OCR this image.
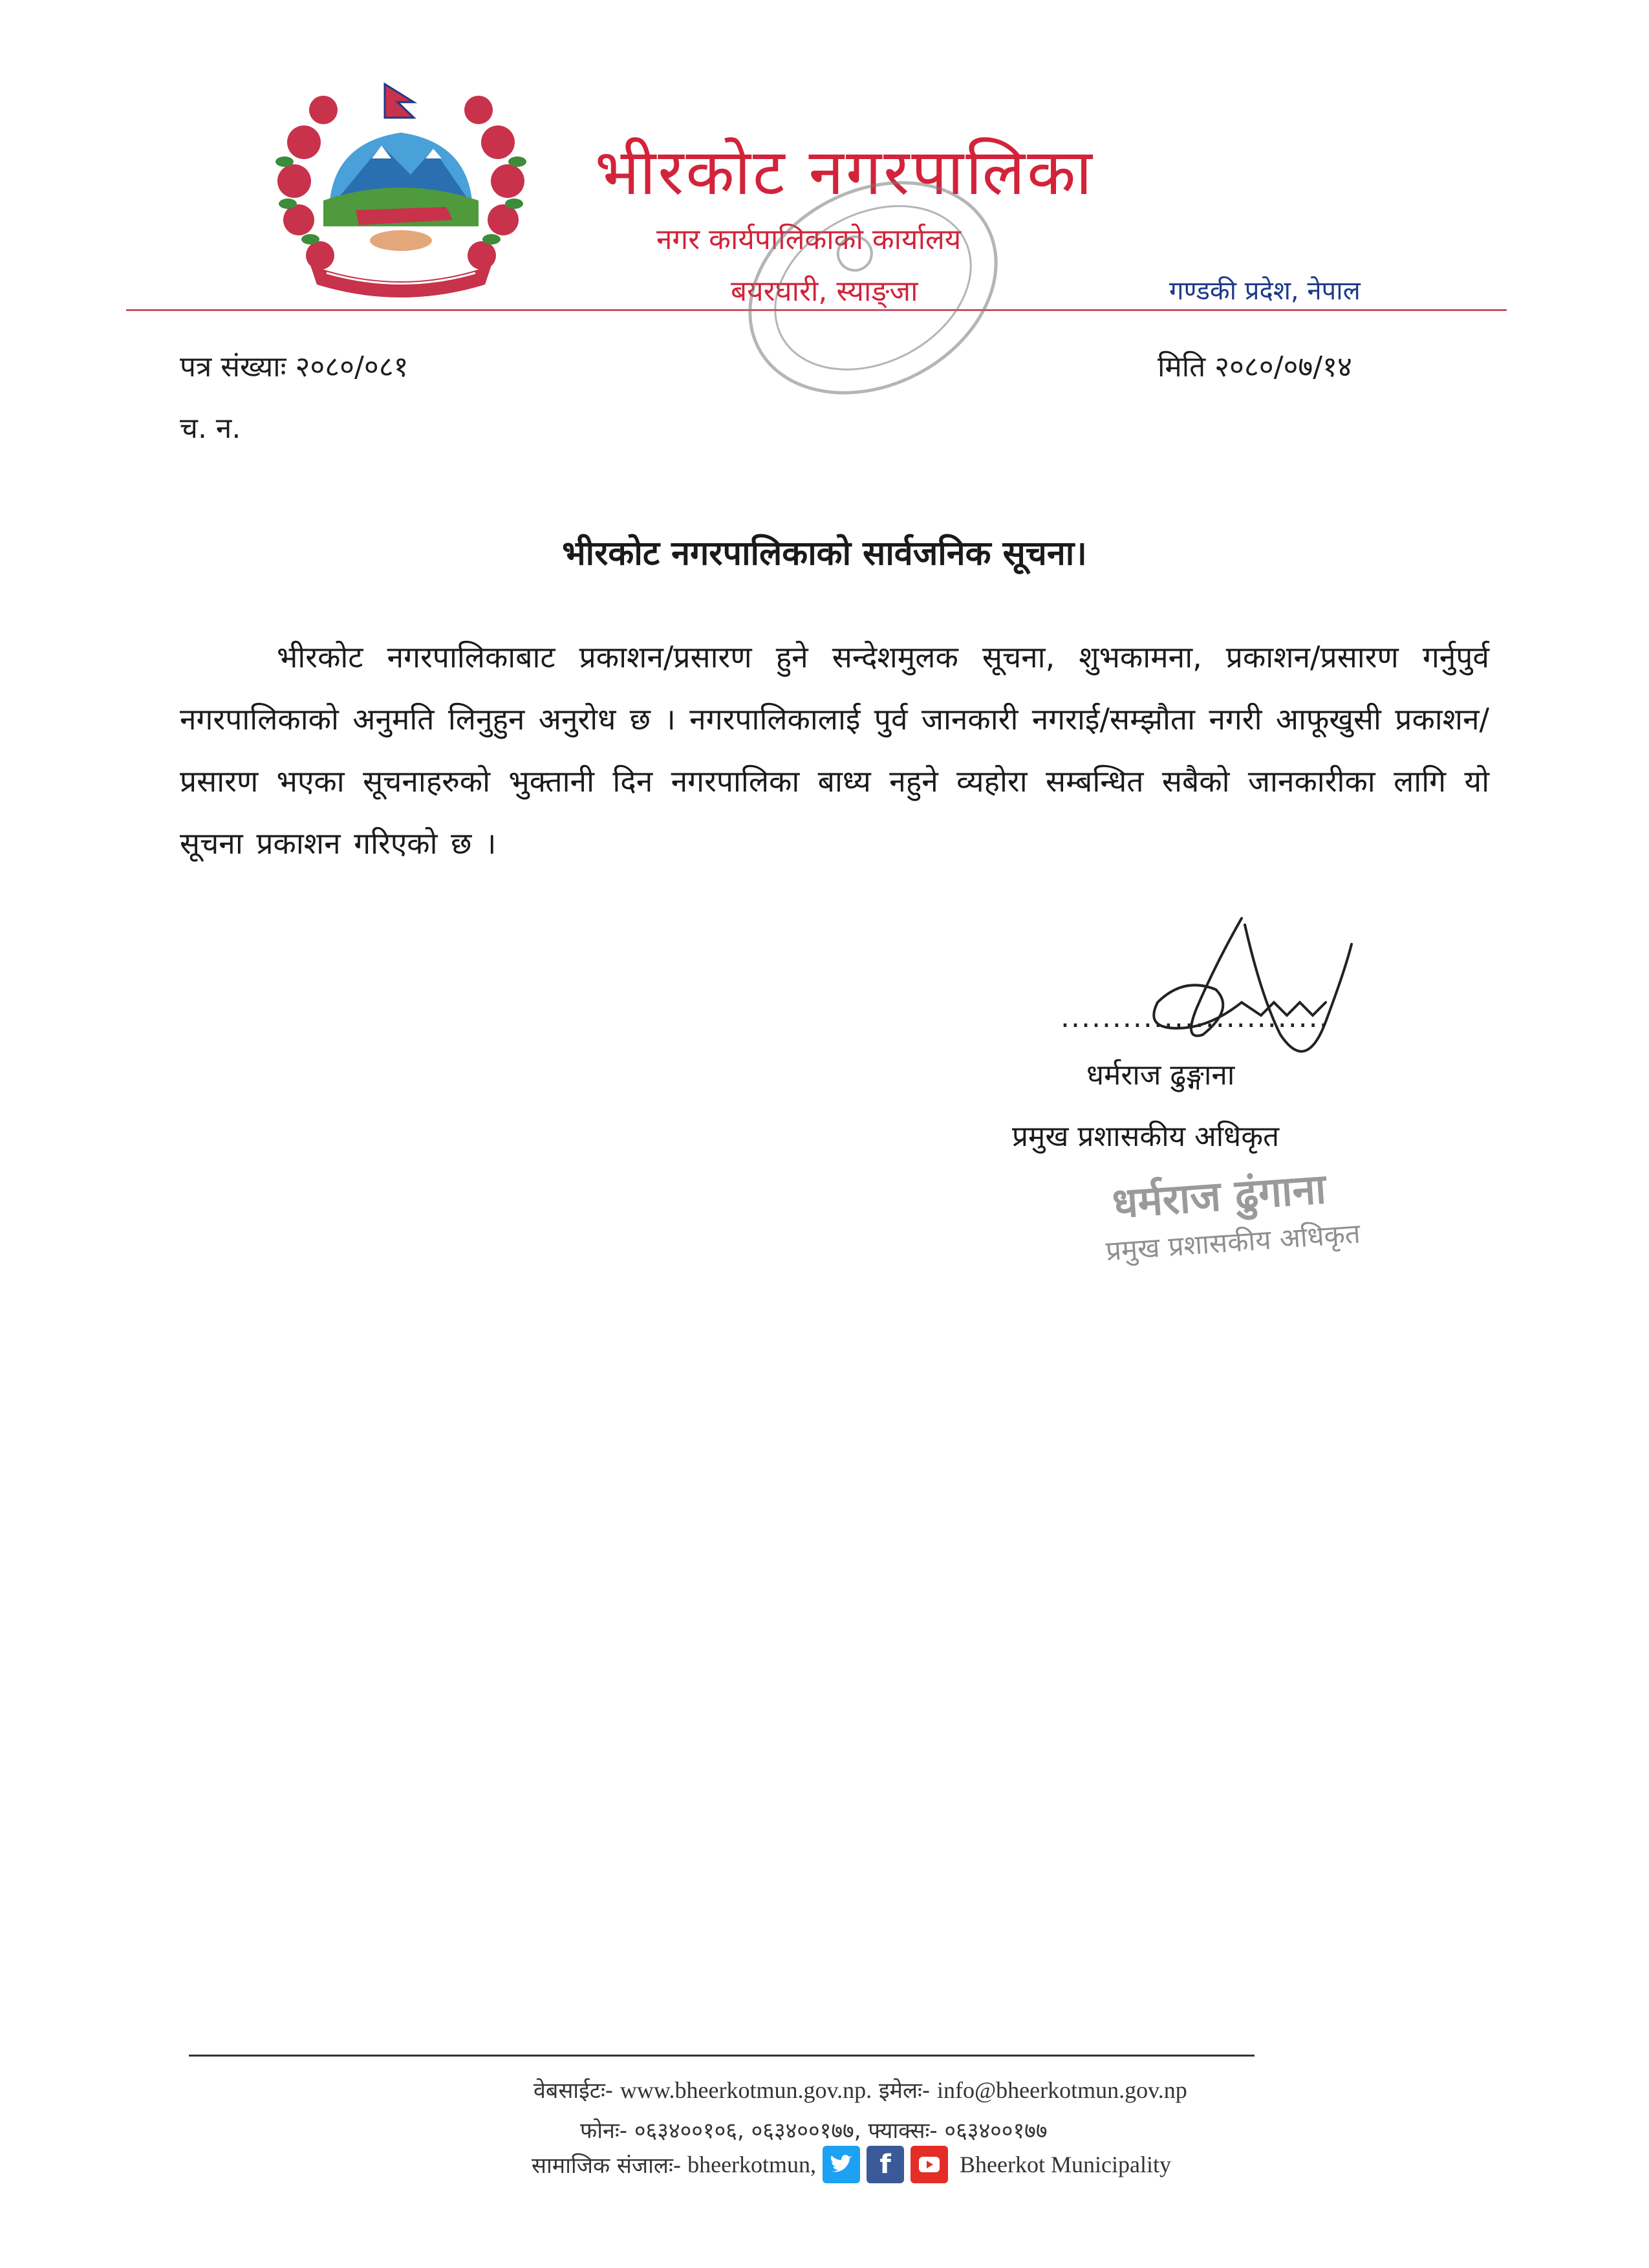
भीरकोट नगरपालिका
नगर कार्यपालिकाको कार्यालय
बयरघारी, स्याङ्जा	गण्डकी प्रदेश, नेपाल
पत्र संख्याः २०८०/०८१	मिति २०८०/०७/१४
च. न.
भीरकोट नगरपालिकाको सार्वजनिक सूचना।
भीरकोट नगरपालिकाबाट प्रकाशन/प्रसारण हुने सन्देशमुलक सूचना, शुभकामना, प्रकाशन/प्रसारण गर्नुपुर्व नगरपालिकाको अनुमति लिनुहुन अनुरोध छ । नगरपालिकालाई पुर्व जानकारी नगराई/सम्झौता नगरी आफूखुसी प्रकाशन/प्रसारण भएका सूचनाहरुको भुक्तानी दिन नगरपालिका बाध्य नहुने व्यहोरा सम्बन्धित सबैको जानकारीका लागि यो सूचना प्रकाशन गरिएको छ ।
..........................
धर्मराज ढुङ्गाना
प्रमुख प्रशासकीय अधिकृत
धर्मराज ढुंगाना
प्रमुख प्रशासकीय अधिकृत
वेबसाईटः- www.bheerkotmun.gov.np. इमेलः- info@bheerkotmun.gov.np
फोनः- ०६३४००१०६, ०६३४००१७७, फ्याक्सः- ०६३४००१७७
सामाजिक संजालः- bheerkotmun,	f	Bheerkot Municipality
